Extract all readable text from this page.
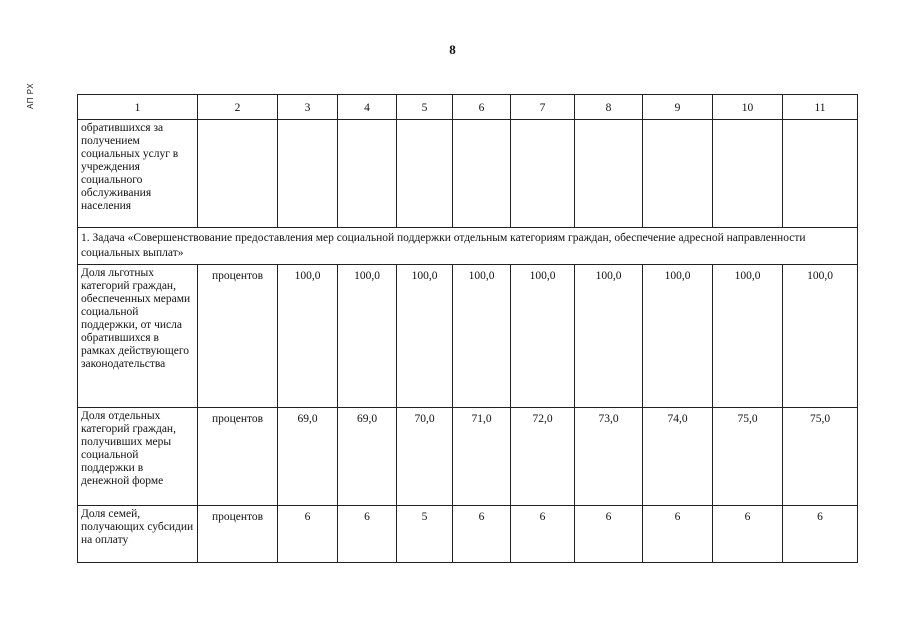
8
АП РХ	1	2	3	4	5	6	7	8	9	10	11
обратившихся за получением социальных услуг в учреждения социального обслуживания населения										
1. Задача «Совершенствование предоставления мер социальной поддержки отдельным категориям граждан, обеспечение адресной направленности социальных выплат»										
Доля льготных категорий граждан, обеспеченных мерами социальной поддержки, от числа обратившихся в рамках действующего законодательства	процентов	100,0	100,0	100,0	100,0	100,0	100,0	100,0	100,0	100,0
Доля отдельных категорий граждан, получивших меры социальной поддержки в денежной форме	процентов	69,0	69,0	70,0	71,0	72,0	73,0	74,0	75,0	75,0
Доля семей, получающих субсидии на оплату	процентов	6	6	5	6	6	6	6	6	6
